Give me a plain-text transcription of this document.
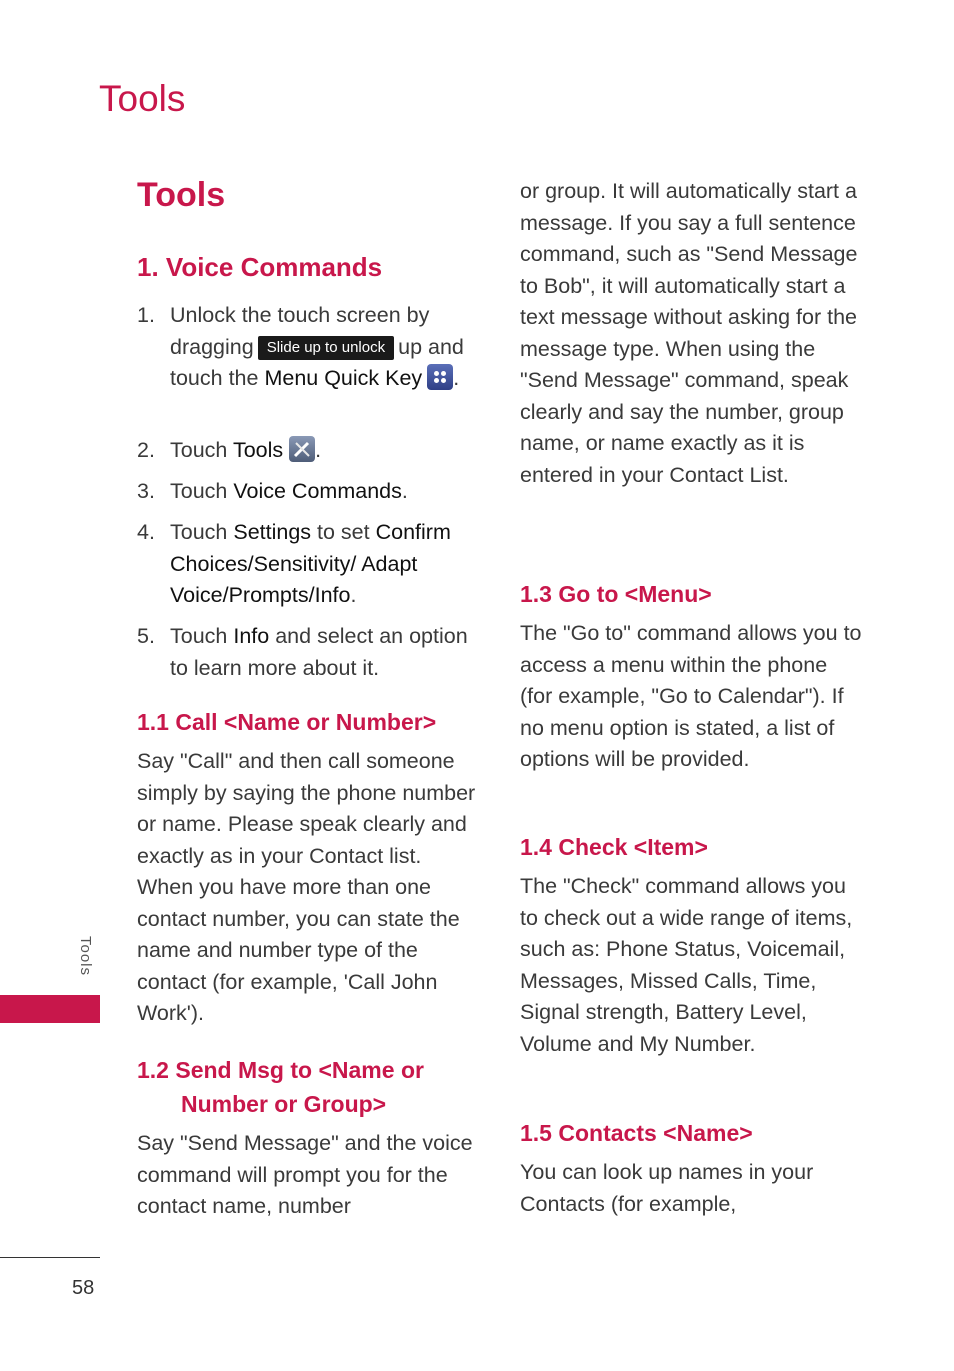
Tools
Tools
58
Tools
1. Voice Commands
1. Unlock the touch screen by dragging Slide up to unlock up and touch the Menu Quick Key .
2. Touch Tools .
3. Touch Voice Commands.
4. Touch Settings to set Confirm Choices/Sensitivity/ Adapt Voice/Prompts/Info.
5. Touch Info and select an option to learn more about it.
1.1 Call <Name or Number>

Say "Call" and then call someone simply by saying the phone number or name. Please speak clearly and exactly as in your Contact list. When you have more than one contact number, you can state the name and number type of the contact (for example, 'Call John Work').

1.2 Send Msg to <Name or
Number or Group>

Say "Send Message" and the voice command will prompt you for the contact name, number

or group. It will automatically start a message. If you say a full sentence command, such as "Send Message to Bob", it will automatically start a text message without asking for the message type. When using the "Send Message" command, speak clearly and say the number, group name, or name exactly as it is entered in your Contact List.

1.3 Go to <Menu>

The "Go to" command allows you to access a menu within the phone (for example, "Go to Calendar"). If no menu option is stated, a list of options will be provided.

1.4 Check <Item>

The "Check" command allows you to check out a wide range of items, such as: Phone Status, Voicemail, Messages, Missed Calls, Time, Signal strength, Battery Level, Volume and My Number.

1.5 Contacts <Name>

You can look up names in your Contacts (for example,
